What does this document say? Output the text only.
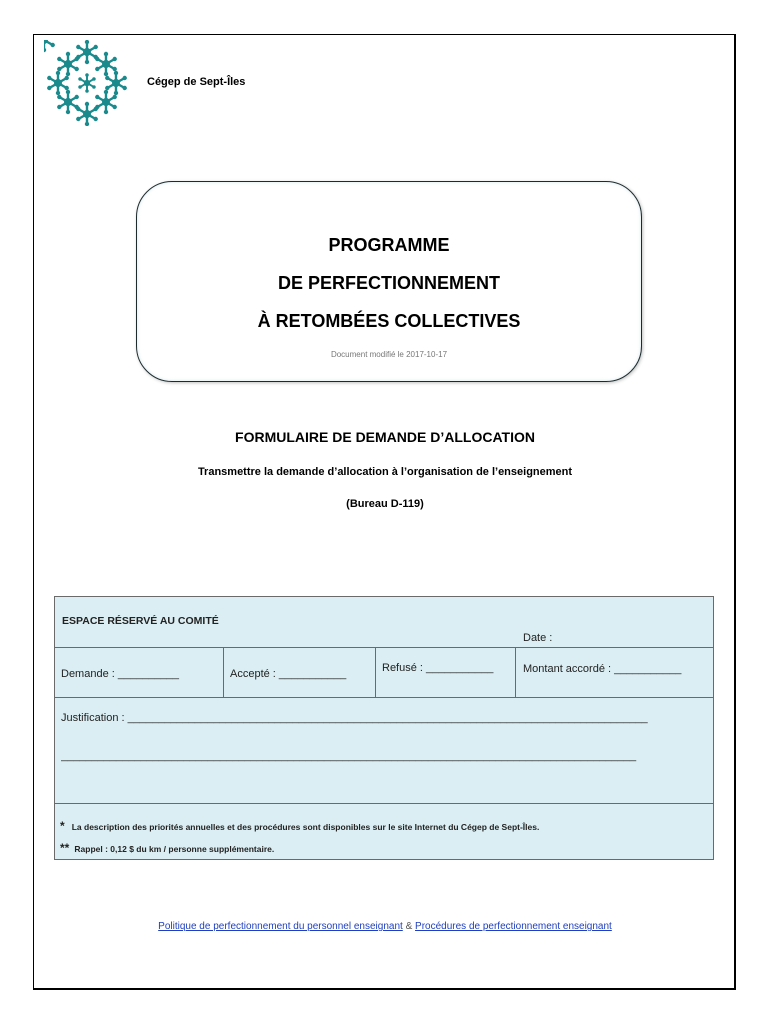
Cégep de Sept-Îles
PROGRAMME
DE PERFECTIONNEMENT
À RETOMBÉES COLLECTIVES
Document modifié le 2017-10-17
FORMULAIRE DE DEMANDE D’ALLOCATION
Transmettre la demande d’allocation à l’organisation de l’enseignement
(Bureau D-119)
ESPACE RÉSERVÉ AU COMITÉ
Date :
Demande : __________	Accepté : ___________	Refusé : ___________	Montant accordé : ___________
Justification : _____________________________________________________________________________________
______________________________________________________________________________________________
* La description des priorités annuelles et des procédures sont disponibles sur le site Internet du Cégep de Sept-Îles.
** Rappel : 0,12 $ du km / personne supplémentaire.
Politique de perfectionnement du personnel enseignant & Procédures de perfectionnement enseignant
